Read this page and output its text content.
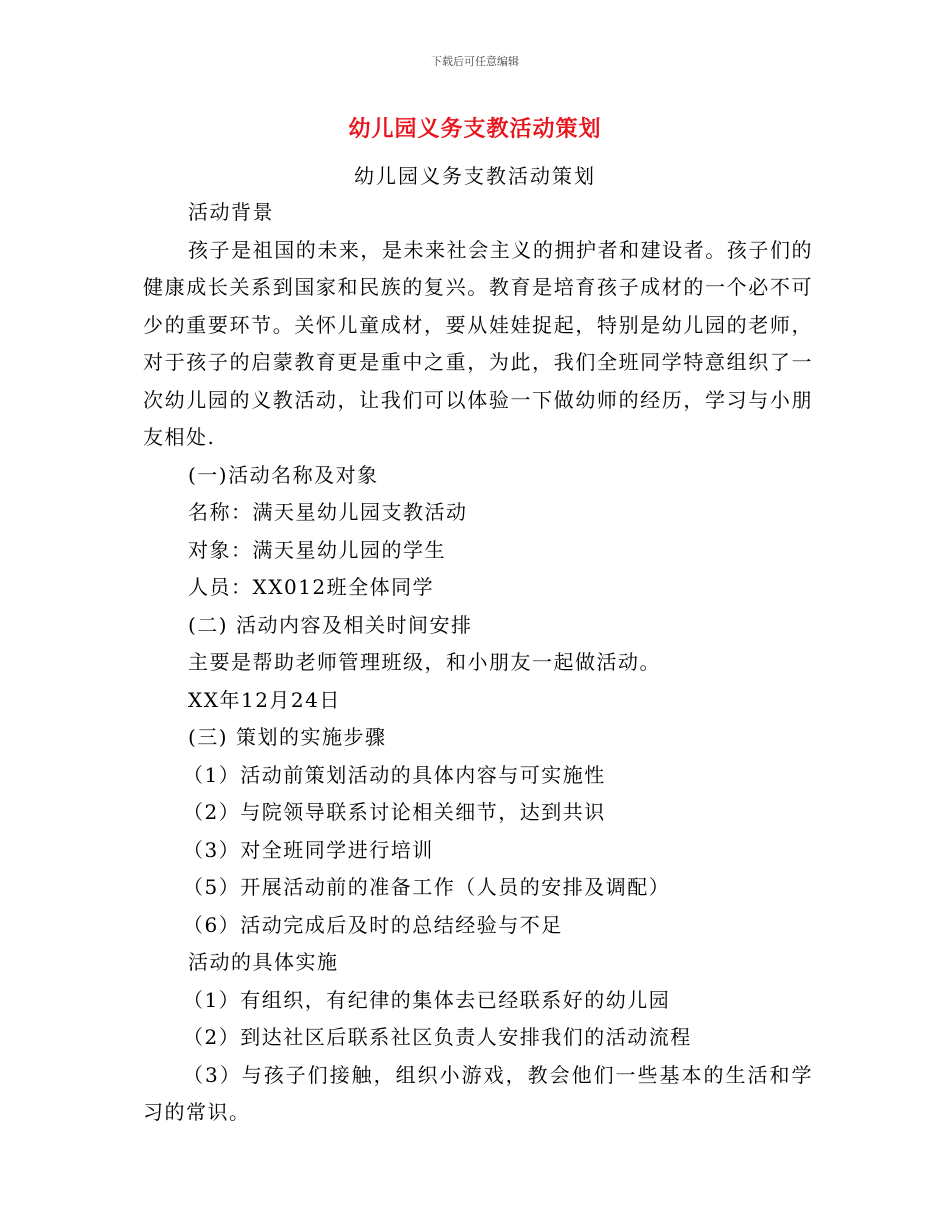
下载后可任意编辑
幼儿园义务支教活动策划
幼儿园义务支教活动策划

活动背景

孩子是祖国的未来，是未来社会主义的拥护者和建设者。孩子们的健康成长关系到国家和民族的复兴。教育是培育孩子成材的一个必不可少的重要环节。关怀儿童成材，要从娃娃捉起，特别是幼儿园的老师，对于孩子的启蒙教育更是重中之重，为此，我们全班同学特意组织了一次幼儿园的义教活动，让我们可以体验一下做幼师的经历，学习与小朋友相处.

(一)活动名称及对象

名称：满天星幼儿园支教活动

对象：满天星幼儿园的学生

人员：XX012班全体同学

(二) 活动内容及相关时间安排

主要是帮助老师管理班级，和小朋友一起做活动。

XX年12月24日

(三) 策划的实施步骤

（1）活动前策划活动的具体内容与可实施性

（2）与院领导联系讨论相关细节，达到共识

（3）对全班同学进行培训

（5）开展活动前的准备工作（人员的安排及调配）

（6）活动完成后及时的总结经验与不足

活动的具体实施

（1）有组织，有纪律的集体去已经联系好的幼儿园

（2）到达社区后联系社区负责人安排我们的活动流程

（3）与孩子们接触，组织小游戏，教会他们一些基本的生活和学习的常识。
